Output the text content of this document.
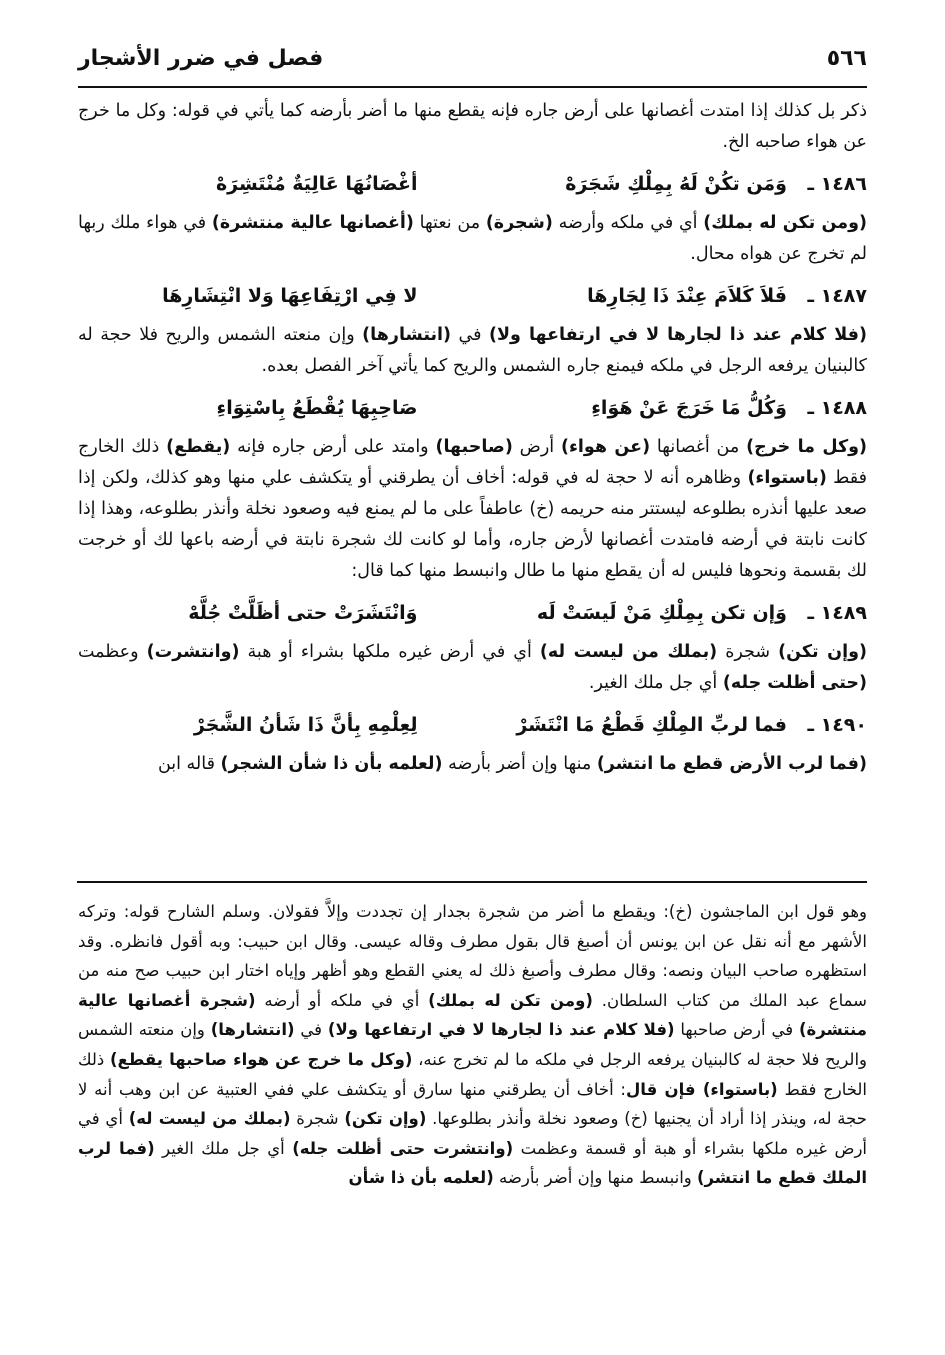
٥٦٦
فصل في ضرر الأشجار

ذكر بل كذلك إذا امتدت أغصانها على أرض جاره فإنه يقطع منها ما أضر بأرضه كما يأتي في قوله: وكل ما خرج عن هواء صاحبه الخ.

١٤٨٦ ـ
وَمَن تكُنْ لَهُ بِمِلْكِ شَجَرَهْ
أغْصَانُهَا عَالِيَةٌ مُنْتَشِرَهْ

(ومن تكن له بملك) أي في ملكه وأرضه (شجرة) من نعتها (أغصانها عالية منتشرة) في هواء ملك ربها لم تخرج عن هواه محال.

١٤٨٧ ـ
فَلاَ كَلاَمَ عِنْدَ ذَا لِجَارِهَا
لا فِي ارْتِفَاعِهَا وَلا انْتِشَارِهَا

(فلا كلام عند ذا لجارها لا في ارتفاعها ولا) في (انتشارها) وإن منعته الشمس والريح فلا حجة له كالبنيان يرفعه الرجل في ملكه فيمنع جاره الشمس والريح كما يأتي آخر الفصل بعده.

١٤٨٨ ـ
وَكُلُّ مَا خَرَجَ عَنْ هَوَاءِ
صَاحِبِهَا يُقْطَعُ بِاسْتِوَاءِ

(وكل ما خرج) من أغصانها (عن هواء) أرض (صاحبها) وامتد على أرض جاره فإنه (يقطع) ذلك الخارج فقط (باستواء) وظاهره أنه لا حجة له في قوله: أخاف أن يطرقني أو يتكشف علي منها وهو كذلك، ولكن إذا صعد عليها أنذره بطلوعه ليستتر منه حريمه (خ) عاطفاً على ما لم يمنع فيه وصعود نخلة وأنذر بطلوعه، وهذا إذا كانت نابتة في أرضه فامتدت أغصانها لأرض جاره، وأما لو كانت لك شجرة نابتة في أرضه باعها لك أو خرجت لك بقسمة ونحوها فليس له أن يقطع منها ما طال وانبسط منها كما قال:

١٤٨٩ ـ
وَإن تكن بِمِلْكِ مَنْ لَيسَتْ لَه
وَانْتَشَرَتْ حتى أظَلَّتْ جُلَّهْ

(وإن تكن) شجرة (بملك من ليست له) أي في أرض غيره ملكها بشراء أو هبة (وانتشرت) وعظمت (حتى أظلت جله) أي جل ملك الغير.

١٤٩٠ ـ
فما لربِّ المِلْكِ قَطْعُ مَا انْتَشَرْ
لِعِلْمِهِ بِأنَّ ذَا شَأنُ الشَّجَرْ

(فما لرب الأرض قطع ما انتشر) منها وإن أضر بأرضه (لعلمه بأن ذا شأن الشجر) قاله ابن

وهو قول ابن الماجشون (خ): ويقطع ما أضر من شجرة بجدار إن تجددت وإلاَّ فقولان. وسلم الشارح قوله: وتركه الأشهر مع أنه نقل عن ابن يونس أن أصبغ قال بقول مطرف وقاله عيسى. وقال ابن حبيب: وبه أقول فانظره. وقد استظهره صاحب البيان ونصه: وقال مطرف وأصبغ ذلك له يعني القطع وهو أظهر وإياه اختار ابن حبيب صح منه من سماع عبد الملك من كتاب السلطان. (ومن تكن له بملك) أي في ملكه أو أرضه (شجرة أغصانها عالية منتشرة) في أرض صاحبها (فلا كلام عند ذا لجارها لا في ارتفاعها ولا) في (انتشارها) وإن منعته الشمس والريح فلا حجة له كالبنيان يرفعه الرجل في ملكه ما لم تخرج عنه، (وكل ما خرج عن هواء صاحبها يقطع) ذلك الخارج فقط (باستواء) فإن قال: أخاف أن يطرقني منها سارق أو يتكشف علي ففي العتبية عن ابن وهب أنه لا حجة له، وينذر إذا أراد أن يجنيها (خ) وصعود نخلة وأنذر بطلوعها. (وإن تكن) شجرة (بملك من ليست له) أي في أرض غيره ملكها بشراء أو هبة أو قسمة وعظمت (وانتشرت حتى أظلت جله) أي جل ملك الغير (فما لرب الملك قطع ما انتشر) وانبسط منها وإن أضر بأرضه (لعلمه بأن ذا شأن
